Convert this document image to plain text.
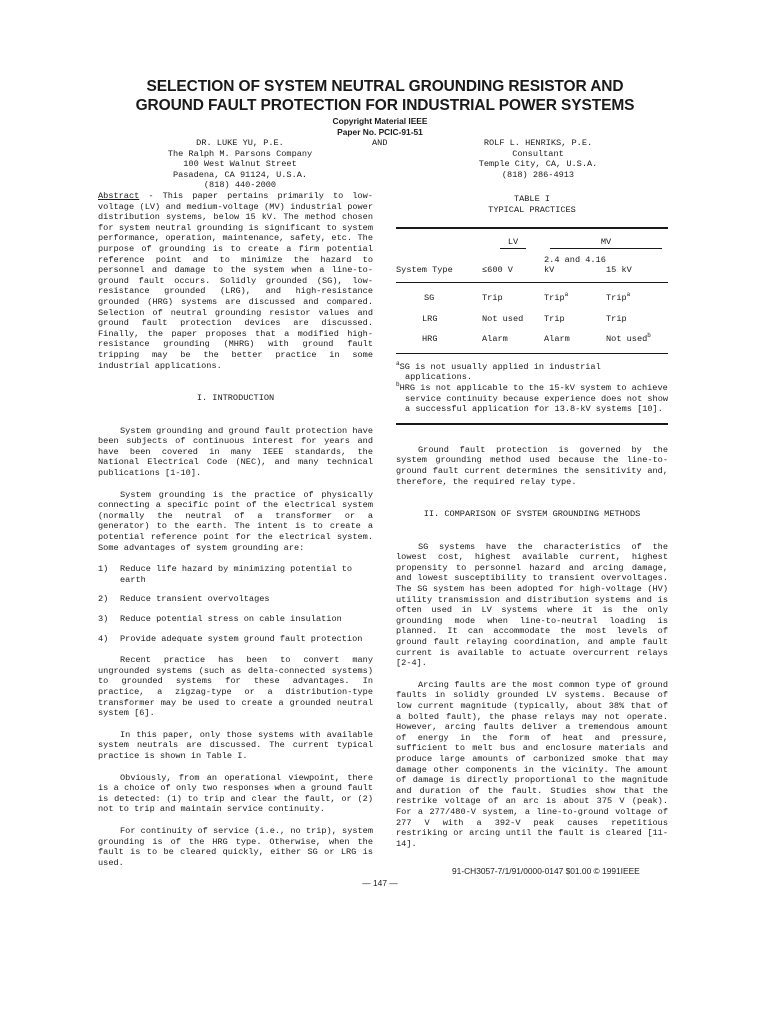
SELECTION OF SYSTEM NEUTRAL GROUNDING RESISTOR AND
GROUND FAULT PROTECTION FOR INDUSTRIAL POWER SYSTEMS
Copyright Material IEEE
Paper No. PCIC-91-51
AND
DR. LUKE YU, P.E.
The Ralph M. Parsons Company
100 West Walnut Street
Pasadena, CA 91124, U.S.A.
(818) 440-2000
ROLF L. HENRIKS, P.E.
Consultant
Temple City, CA, U.S.A.
(818) 286-4913

Abstract - This paper pertains primarily to low-voltage (LV) and medium-voltage (MV) industrial power distribution systems, below 15 kV. The method chosen for system neutral grounding is significant to system performance, operation, maintenance, safety, etc. The purpose of grounding is to create a firm potential reference point and to minimize the hazard to personnel and damage to the system when a line-to-ground fault occurs. Solidly grounded (SG), low-resistance grounded (LRG), and high-resistance grounded (HRG) systems are discussed and compared. Selection of neutral grounding resistor values and ground fault protection devices are discussed. Finally, the paper proposes that a modified high-resistance grounding (MHRG) with ground fault tripping may be the better practice in some industrial applications.

I. INTRODUCTION

System grounding and ground fault protection have been subjects of continuous interest for years and have been covered in many IEEE standards, the National Electrical Code (NEC), and many technical publications [1-10].

System grounding is the practice of physically connecting a specific point of the electrical system (normally the neutral of a transformer or a generator) to the earth. The intent is to create a potential reference point for the electrical system. Some advantages of system grounding are:

1)	Reduce life hazard by minimizing potential to earth
2)	Reduce transient overvoltages
3)	Reduce potential stress on cable insulation
4)	Provide adequate system ground fault protection

Recent practice has been to convert many ungrounded systems (such as delta-connected systems) to grounded systems for these advantages. In practice, a zigzag-type or a distribution-type transformer may be used to create a grounded neutral system [6].

In this paper, only those systems with available system neutrals are discussed. The current typical practice is shown in Table I.

Obviously, from an operational viewpoint, there is a choice of only two responses when a ground fault is detected: (1) to trip and clear the fault, or (2) not to trip and maintain service continuity.

For continuity of service (i.e., no trip), system grounding is of the HRG type. Otherwise, when the fault is to be cleared quickly, either SG or LRG is used.

TABLE I
TYPICAL PRACTICES
	LV	MV	
System Type	≤600 V	2.4 and 4.16 kV	15 kV
SG	Trip	Trip$^a$	Trip$^a$
LRG	Not used	Trip	Trip
HRG	Alarm	Alarm	Not used$^b$
$^a$SG is not usually applied in industrial applications.
$^b$HRG is not applicable to the 15-kV system to achieve service continuity because experience does not show a successful application for 13.8-kV systems [10].

Ground fault protection is governed by the system grounding method used because the line-to-ground fault current determines the sensitivity and, therefore, the required relay type.

II. COMPARISON OF SYSTEM GROUNDING METHODS

SG systems have the characteristics of the lowest cost, highest available current, highest propensity to personnel hazard and arcing damage, and lowest susceptibility to transient overvoltages. The SG system has been adopted for high-voltage (HV) utility transmission and distribution systems and is often used in LV systems where it is the only grounding mode when line-to-neutral loading is planned. It can accommodate the most levels of ground fault relaying coordination, and ample fault current is available to actuate overcurrent relays [2-4].

Arcing faults are the most common type of ground faults in solidly grounded LV systems. Because of low current magnitude (typically, about 38% that of a bolted fault), the phase relays may not operate. However, arcing faults deliver a tremendous amount of energy in the form of heat and pressure, sufficient to melt bus and enclosure materials and produce large amounts of carbonized smoke that may damage other components in the vicinity. The amount of damage is directly proportional to the magnitude and duration of the fault. Studies show that the restrike voltage of an arc is about 375 V (peak). For a 277/480-V system, a line-to-ground voltage of 277 V with a 392-V peak causes repetitious restriking or arcing until the fault is cleared [11-14].

91-CH3057-7/1/91/0000-0147 $01.00 © 1991IEEE
— 147 —
